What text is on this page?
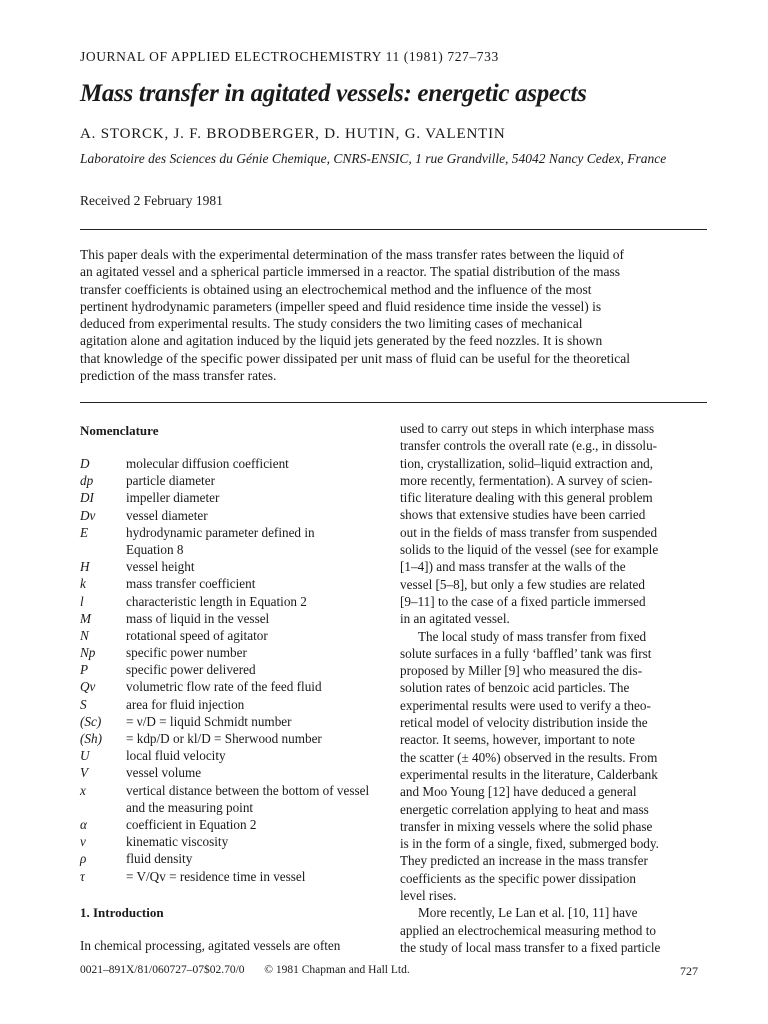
JOURNAL OF APPLIED ELECTROCHEMISTRY 11 (1981) 727–733
Mass transfer in agitated vessels: energetic aspects
A. STORCK, J. F. BRODBERGER, D. HUTIN, G. VALENTIN
Laboratoire des Sciences du Génie Chemique, CNRS-ENSIC, 1 rue Grandville, 54042 Nancy Cedex, France
Received 2 February 1981
This paper deals with the experimental determination of the mass transfer rates between the liquid of
an agitated vessel and a spherical particle immersed in a reactor. The spatial distribution of the mass
transfer coefficients is obtained using an electrochemical method and the influence of the most
pertinent hydrodynamic parameters (impeller speed and fluid residence time inside the vessel) is
deduced from experimental results. The study considers the two limiting cases of mechanical
agitation alone and agitation induced by the liquid jets generated by the feed nozzles. It is shown
that knowledge of the specific power dissipated per unit mass of fluid can be useful for the theoretical
prediction of the mass transfer rates.
Nomenclature
D	molecular diffusion coefficient
dp particle diameter
DI impeller diameter
Dv vessel diameter
E	hydrodynamic parameter defined in Equation 8
H	vessel height
k	mass transfer coefficient
l	characteristic length in Equation 2
M	mass of liquid in the vessel
N	rotational speed of agitator
Np specific power number
P	specific power delivered
Qv volumetric flow rate of the feed fluid
S	area for fluid injection
(Sc) = ν/D = liquid Schmidt number
(Sh) = kdp/D or kl/D = Sherwood number
U	local fluid velocity
V	vessel volume
x	vertical distance between the bottom of vessel and the measuring point
α	coefficient in Equation 2
ν	kinematic viscosity
ρ	fluid density
τ	= V/Qv = residence time in vessel
1. Introduction
In chemical processing, agitated vessels are often
used to carry out steps in which interphase mass
transfer controls the overall rate (e.g., in dissolu-
tion, crystallization, solid–liquid extraction and,
more recently, fermentation). A survey of scien-
tific literature dealing with this general problem
shows that extensive studies have been carried
out in the fields of mass transfer from suspended
solids to the liquid of the vessel (see for example
[1–4]) and mass transfer at the walls of the
vessel [5–8], but only a few studies are related
[9–11] to the case of a fixed particle immersed
in an agitated vessel.
The local study of mass transfer from fixed
solute surfaces in a fully ‘baffled’ tank was first
proposed by Miller [9] who measured the dis-
solution rates of benzoic acid particles. The
experimental results were used to verify a theo-
retical model of velocity distribution inside the
reactor. It seems, however, important to note
the scatter (± 40%) observed in the results. From
experimental results in the literature, Calderbank
and Moo Young [12] have deduced a general
energetic correlation applying to heat and mass
transfer in mixing vessels where the solid phase
is in the form of a single, fixed, submerged body.
They predicted an increase in the mass transfer
coefficients as the specific power dissipation
level rises.
More recently, Le Lan et al. [10, 11] have
applied an electrochemical measuring method to
the study of local mass transfer to a fixed particle
0021–891X/81/060727–07$02.70/0 © 1981 Chapman and Hall Ltd.	727
